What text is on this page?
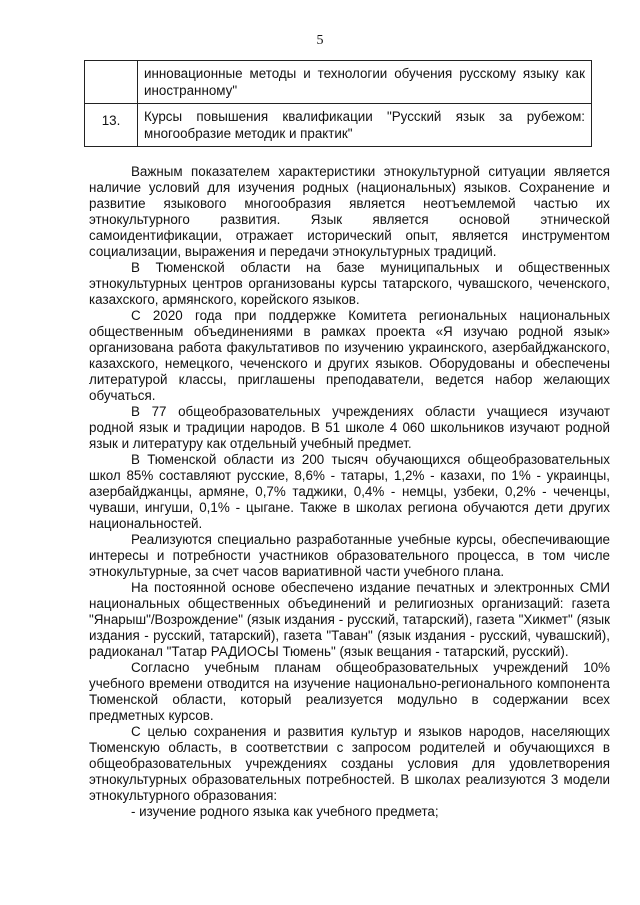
5
	инновационные методы и технологии обучения русскому языку как иностранному"
13.	Курсы повышения квалификации "Русский язык за рубежом: многообразие методик и практик"

Важным показателем характеристики этнокультурной ситуации является наличие условий для изучения родных (национальных) языков. Сохранение и развитие языкового многообразия является неотъемлемой частью их этнокультурного развития. Язык является основой этнической самоидентификации, отражает исторический опыт, является инструментом социализации, выражения и передачи этнокультурных традиций.

В Тюменской области на базе муниципальных и общественных этнокультурных центров организованы курсы татарского, чувашского, чеченского, казахского, армянского, корейского языков.

С 2020 года при поддержке Комитета региональных национальных общественным объединениями в рамках проекта «Я изучаю родной язык» организована работа факультативов по изучению украинского, азербайджанского, казахского, немецкого, чеченского и других языков. Оборудованы и обеспечены литературой классы, приглашены преподаватели, ведется набор желающих обучаться.

В 77 общеобразовательных учреждениях области учащиеся изучают родной язык и традиции народов. В 51 школе 4 060 школьников изучают родной язык и литературу как отдельный учебный предмет.

В Тюменской области из 200 тысяч обучающихся общеобразовательных школ 85% составляют русские, 8,6% - татары, 1,2% - казахи, по 1% - украинцы, азербайджанцы, армяне, 0,7% таджики, 0,4% - немцы, узбеки, 0,2% - чеченцы, чуваши, ингуши, 0,1% - цыгане. Также в школах региона обучаются дети других национальностей.

Реализуются специально разработанные учебные курсы, обеспечивающие интересы и потребности участников образовательного процесса, в том числе этнокультурные, за счет часов вариативной части учебного плана.

На постоянной основе обеспечено издание печатных и электронных СМИ национальных общественных объединений и религиозных организаций: газета "Янарыш"/Возрождение" (язык издания - русский, татарский), газета "Хикмет" (язык издания - русский, татарский), газета "Таван" (язык издания - русский, чувашский), радиоканал "Татар РАДИОСЫ Тюмень" (язык вещания - татарский, русский).

Согласно учебным планам общеобразовательных учреждений 10% учебного времени отводится на изучение национально-регионального компонента Тюменской области, который реализуется модульно в содержании всех предметных курсов.

С целью сохранения и развития культур и языков народов, населяющих Тюменскую область, в соответствии с запросом родителей и обучающихся в общеобразовательных учреждениях созданы условия для удовлетворения этнокультурных образовательных потребностей. В школах реализуются 3 модели этнокультурного образования:

- изучение родного языка как учебного предмета;
